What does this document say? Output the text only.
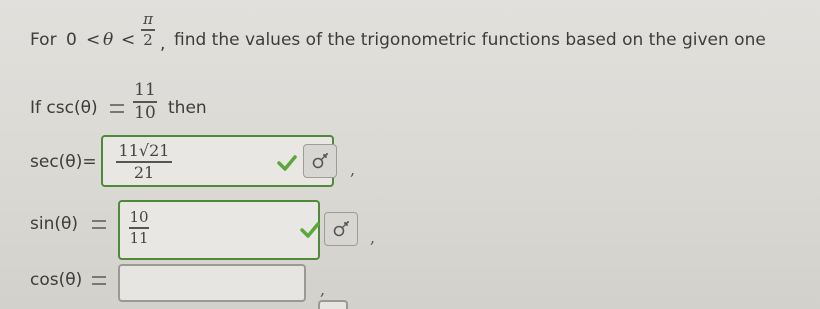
For 0 < θ <
π
2 , find the values of the trigonometric functions based on the given one
If csc(θ)
11
10 then
sec(θ)=
11√21
21	,
sin(θ)	10
11	,
cos(θ)	,
